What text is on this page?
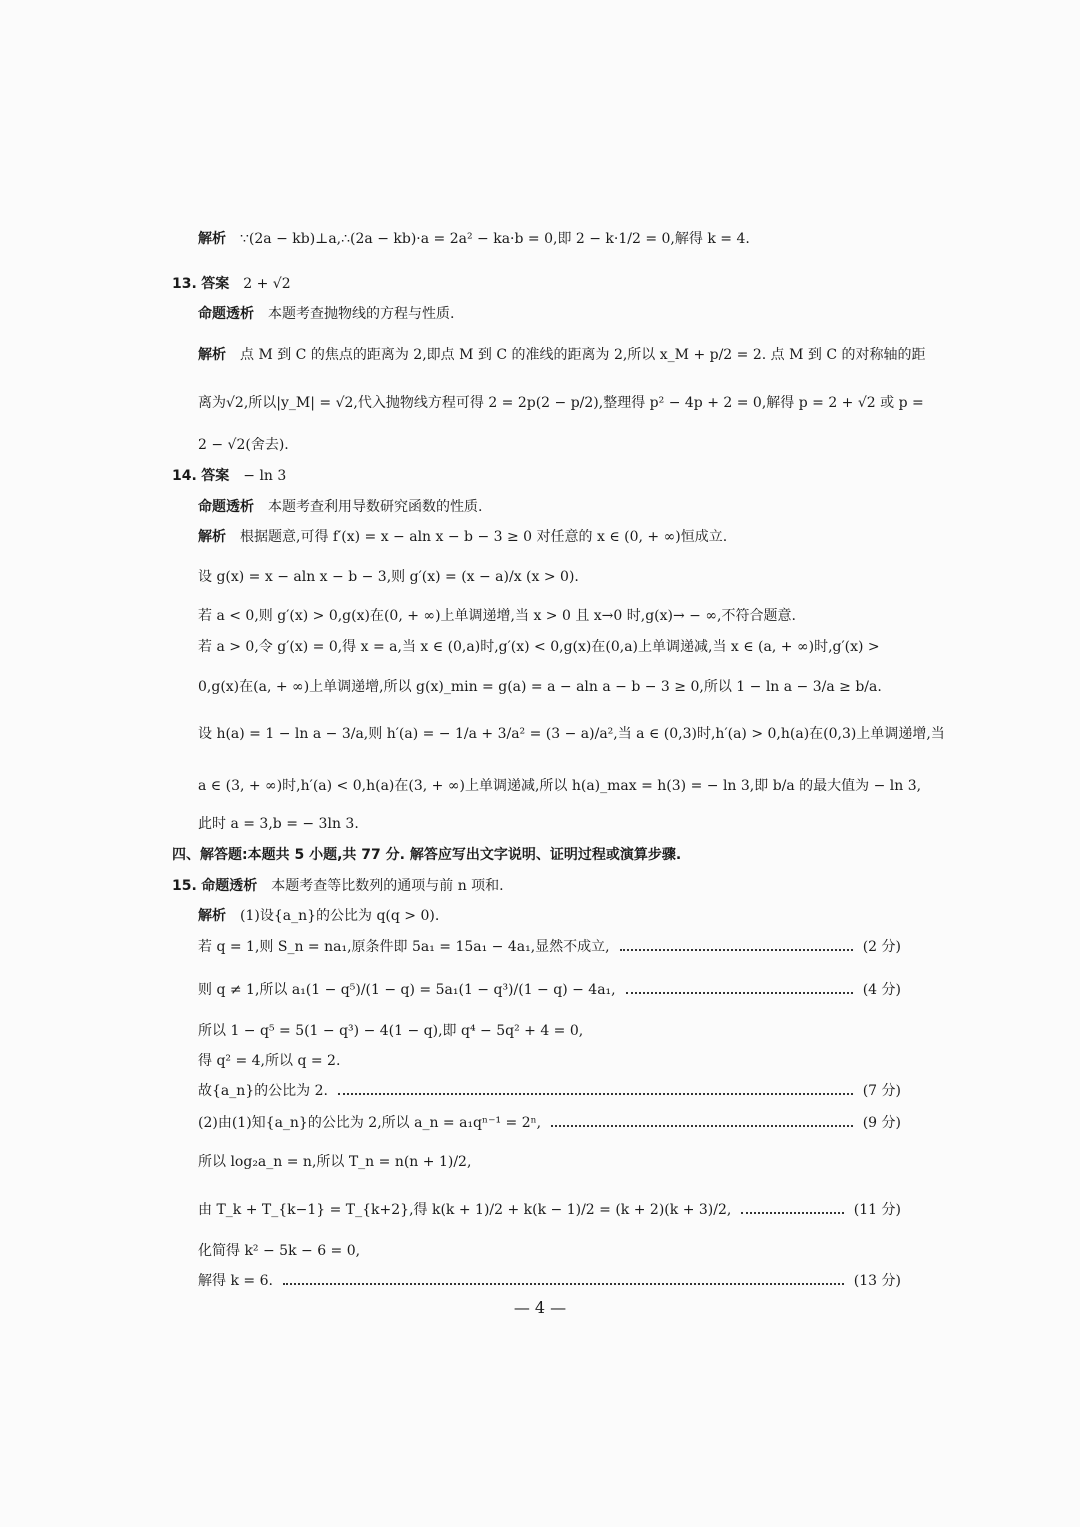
解析 ∵(2a − kb)⊥a,∴(2a − kb)·a = 2a² − ka·b = 0,即 2 − k·1/2 = 0,解得 k = 4.
13. 答案 2 + √2
命题透析 本题考查抛物线的方程与性质.
解析 点 M 到 C 的焦点的距离为 2,即点 M 到 C 的准线的距离为 2,所以 x_M + p/2 = 2. 点 M 到 C 的对称轴的距
离为√2,所以|y_M| = √2,代入抛物线方程可得 2 = 2p(2 − p/2),整理得 p² − 4p + 2 = 0,解得 p = 2 + √2 或 p =
2 − √2(舍去).
14. 答案 − ln 3
命题透析 本题考查利用导数研究函数的性质.
解析 根据题意,可得 f′(x) = x − aln x − b − 3 ≥ 0 对任意的 x ∈ (0, + ∞)恒成立.
设 g(x) = x − aln x − b − 3,则 g′(x) = (x − a)/x (x > 0).
若 a < 0,则 g′(x) > 0,g(x)在(0, + ∞)上单调递增,当 x > 0 且 x→0 时,g(x)→ − ∞,不符合题意.
若 a > 0,令 g′(x) = 0,得 x = a,当 x ∈ (0,a)时,g′(x) < 0,g(x)在(0,a)上单调递减,当 x ∈ (a, + ∞)时,g′(x) >
0,g(x)在(a, + ∞)上单调递增,所以 g(x)_min = g(a) = a − aln a − b − 3 ≥ 0,所以 1 − ln a − 3/a ≥ b/a.
设 h(a) = 1 − ln a − 3/a,则 h′(a) = − 1/a + 3/a² = (3 − a)/a²,当 a ∈ (0,3)时,h′(a) > 0,h(a)在(0,3)上单调递增,当
a ∈ (3, + ∞)时,h′(a) < 0,h(a)在(3, + ∞)上单调递减,所以 h(a)_max = h(3) = − ln 3,即 b/a 的最大值为 − ln 3,
此时 a = 3,b = − 3ln 3.
四、解答题:本题共 5 小题,共 77 分. 解答应写出文字说明、证明过程或演算步骤.
15. 命题透析 本题考查等比数列的通项与前 n 项和.
解析 (1)设{a_n}的公比为 q(q > 0).
若 q = 1,则 S_n = na₁,原条件即 5a₁ = 15a₁ − 4a₁,显然不成立,	(2 分)
则 q ≠ 1,所以 a₁(1 − q⁵)/(1 − q) = 5a₁(1 − q³)/(1 − q) − 4a₁,	(4 分)
所以 1 − q⁵ = 5(1 − q³) − 4(1 − q),即 q⁴ − 5q² + 4 = 0,
得 q² = 4,所以 q = 2.
故{a_n}的公比为 2.	(7 分)
(2)由(1)知{a_n}的公比为 2,所以 a_n = a₁qⁿ⁻¹ = 2ⁿ,	(9 分)
所以 log₂a_n = n,所以 T_n = n(n + 1)/2,
由 T_k + T_{k−1} = T_{k+2},得 k(k + 1)/2 + k(k − 1)/2 = (k + 2)(k + 3)/2,	(11 分)
化简得 k² − 5k − 6 = 0,
解得 k = 6.	(13 分)
— 4 —
